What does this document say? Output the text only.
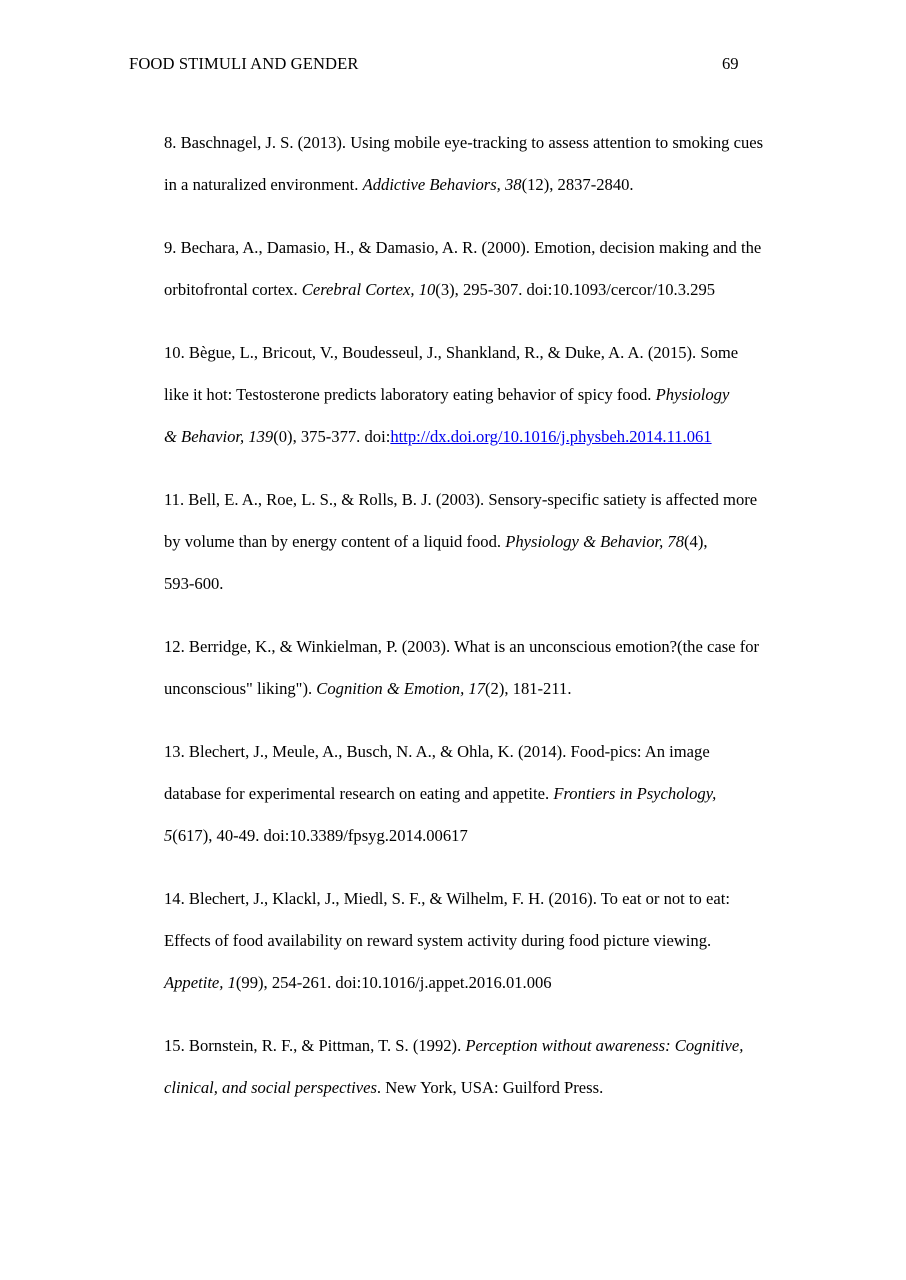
FOOD STIMULI AND GENDER	69
8. Baschnagel, J. S. (2013). Using mobile eye-tracking to assess attention to smoking cues
in a naturalized environment. Addictive Behaviors, 38(12), 2837-2840.
9. Bechara, A., Damasio, H., & Damasio, A. R. (2000). Emotion, decision making and the
orbitofrontal cortex. Cerebral Cortex, 10(3), 295-307. doi:10.1093/cercor/10.3.295
10. Bègue, L., Bricout, V., Boudesseul, J., Shankland, R., & Duke, A. A. (2015). Some
like it hot: Testosterone predicts laboratory eating behavior of spicy food. Physiology
& Behavior, 139(0), 375-377. doi:http://dx.doi.org/10.1016/j.physbeh.2014.11.061
11. Bell, E. A., Roe, L. S., & Rolls, B. J. (2003). Sensory-specific satiety is affected more
by volume than by energy content of a liquid food. Physiology & Behavior, 78(4),
593-600.
12. Berridge, K., & Winkielman, P. (2003). What is an unconscious emotion?(the case for
unconscious" liking"). Cognition & Emotion, 17(2), 181-211.
13. Blechert, J., Meule, A., Busch, N. A., & Ohla, K. (2014). Food-pics: An image
database for experimental research on eating and appetite. Frontiers in Psychology,
5(617), 40-49. doi:10.3389/fpsyg.2014.00617
14. Blechert, J., Klackl, J., Miedl, S. F., & Wilhelm, F. H. (2016). To eat or not to eat:
Effects of food availability on reward system activity during food picture viewing.
Appetite, 1(99), 254-261. doi:10.1016/j.appet.2016.01.006
15. Bornstein, R. F., & Pittman, T. S. (1992). Perception without awareness: Cognitive,
clinical, and social perspectives. New York, USA: Guilford Press.
